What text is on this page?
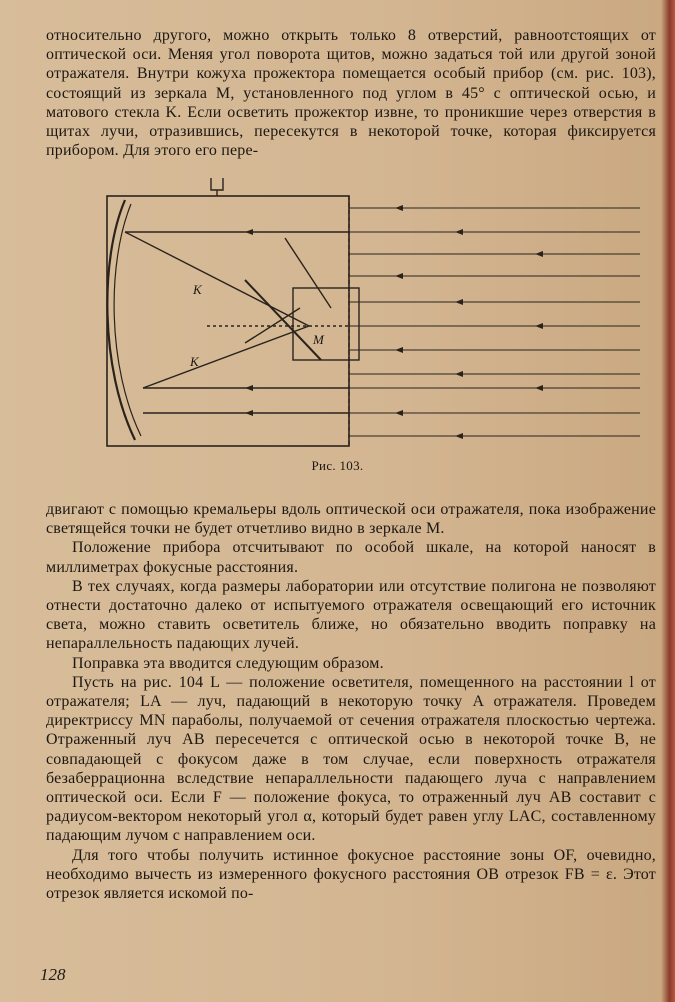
относительно другого, можно открыть только 8 отверстий, равноотстоящих от оптической оси. Меняя угол поворота щитов, можно задаться той или другой зоной отражателя. Внутри кожуха прожектора помещается особый прибор (см. рис. 103), состоящий из зеркала M, установленного под углом в 45° с оптической осью, и матового стекла K. Если осветить прожектор извне, то проникшие через отверстия в щитах лучи, отразившись, пересекутся в некоторой точке, которая фиксируется прибором. Для этого его пере-

K
K
M
Рис. 103.

двигают с помощью кремальеры вдоль оптической оси отражателя, пока изображение светящейся точки не будет отчетливо видно в зеркале M.

Положение прибора отсчитывают по особой шкале, на которой наносят в миллиметрах фокусные расстояния.

В тех случаях, когда размеры лаборатории или отсутствие полигона не позволяют отнести достаточно далеко от испытуемого отражателя освещающий его источник света, можно ставить осветитель ближе, но обязательно вводить поправку на непараллельность падающих лучей.

Поправка эта вводится следующим образом.

Пусть на рис. 104 L — положение осветителя, помещенного на расстоянии l от отражателя; LA — луч, падающий в некоторую точку A отражателя. Проведем директриссу MN параболы, получаемой от сечения отражателя плоскостью чертежа. Отраженный луч AB пересечется с оптической осью в некоторой точке B, не совпадающей с фокусом даже в том случае, если поверхность отражателя безаберрационна вследствие непараллельности падающего луча с направлением оптической оси. Если F — положение фокуса, то отраженный луч AB составит с радиусом-вектором некоторый угол α, который будет равен углу LAC, составленному падающим лучом с направлением оси.

Для того чтобы получить истинное фокусное расстояние зоны OF, очевидно, необходимо вычесть из измеренного фокусного расстояния OB отрезок FB = ε. Этот отрезок является искомой по-

128
